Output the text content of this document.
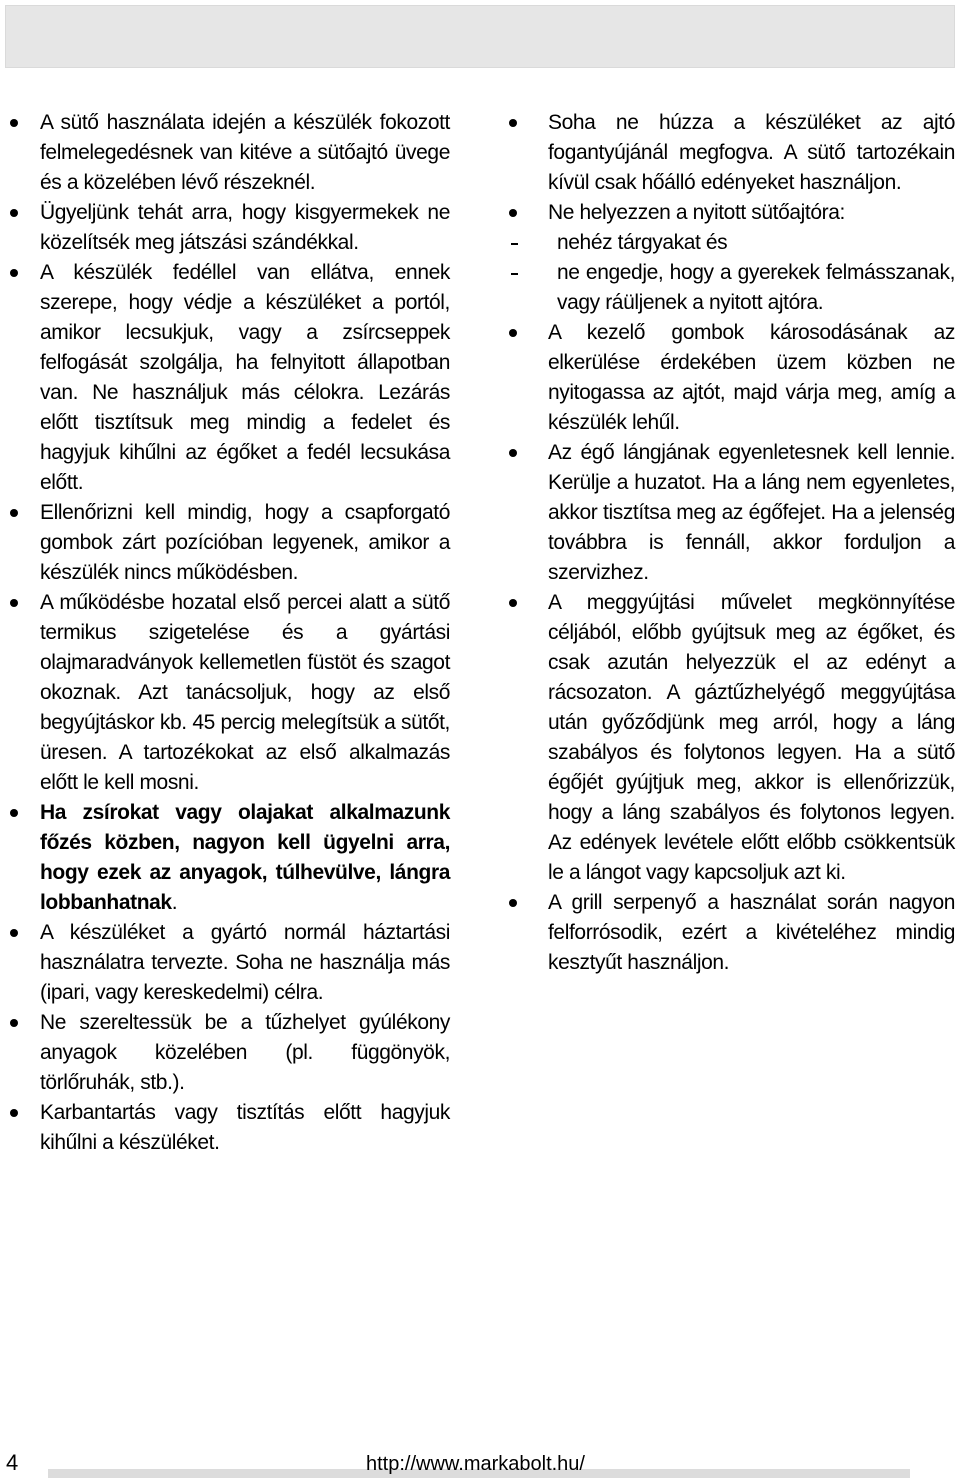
A sütő használata idején a készülék fokozott felmelegedésnek van kitéve a sütőajtó üvege és a közelében lévő részeknél.

Ügyeljünk tehát arra, hogy kisgyermekek ne közelítsék meg játszási szándékkal.

A készülék fedéllel van ellátva, ennek szerepe, hogy védje a készüléket a portól, amikor lecsukjuk, vagy a zsírcseppek felfogását szolgálja, ha felnyitott állapotban van. Ne használjuk más célokra. Lezárás előtt tisztítsuk meg mindig a fedelet és hagyjuk kihűlni az égőket a fedél lecsukása előtt.

Ellenőrizni kell mindig, hogy a csapforgató gombok zárt pozícióban legyenek, amikor a készülék nincs működésben.

A működésbe hozatal első percei alatt a sütő termikus szigetelése és a gyártási olajmaradványok kellemetlen füstöt és szagot okoznak. Azt tanácsoljuk, hogy az első begyújtáskor kb. 45 percig melegítsük a sütőt, üresen. A tartozékokat az első alkalmazás előtt le kell mosni.

Ha zsírokat vagy olajakat alkalmazunk főzés közben, nagyon kell ügyelni arra, hogy ezek az anyagok, túlhevülve, lángra lobbanhatnak.

A készüléket a gyártó normál háztartási használatra tervezte. Soha ne használja más (ipari, vagy kereskedelmi) célra.

Ne szereltessük be a tűzhelyet gyúlékony anyagok közelében (pl. függönyök, törlőruhák, stb.).

Karbantartás vagy tisztítás előtt hagyjuk kihűlni a készüléket.

Soha ne húzza a készüléket az ajtó fogantyújánál megfogva. A sütő tartozékain kívül csak hőálló edényeket használjon.

Ne helyezzen a nyitott sütőajtóra:

nehéz tárgyakat és

ne engedje, hogy a gyerekek felmásszanak, vagy ráüljenek a nyitott ajtóra.

A kezelő gombok károsodásának az elkerülése érdekében üzem közben ne nyitogassa az ajtót, majd várja meg, amíg a készülék lehűl.

Az égő lángjának egyenletesnek kell lennie. Kerülje a huzatot. Ha a láng nem egyenletes, akkor tisztítsa meg az égőfejet. Ha a jelenség továbbra is fennáll, akkor forduljon a szervizhez.

A meggyújtási művelet megkönnyítése céljából, előbb gyújtsuk meg az égőket, és csak azután helyezzük el az edényt a rácsozaton. A gáztűzhelyégő meggyújtása után győződjünk meg arról, hogy a láng szabályos és folytonos legyen. Ha a sütő égőjét gyújtjuk meg, akkor is ellenőrizzük, hogy a láng szabályos és folytonos legyen. Az edények levétele előtt előbb csökkentsük le a lángot vagy kapcsoljuk azt ki.

A grill serpenyő a használat során nagyon felforrósodik, ezért a kivételéhez mindig kesztyűt használjon.

4	http://www.markabolt.hu/
